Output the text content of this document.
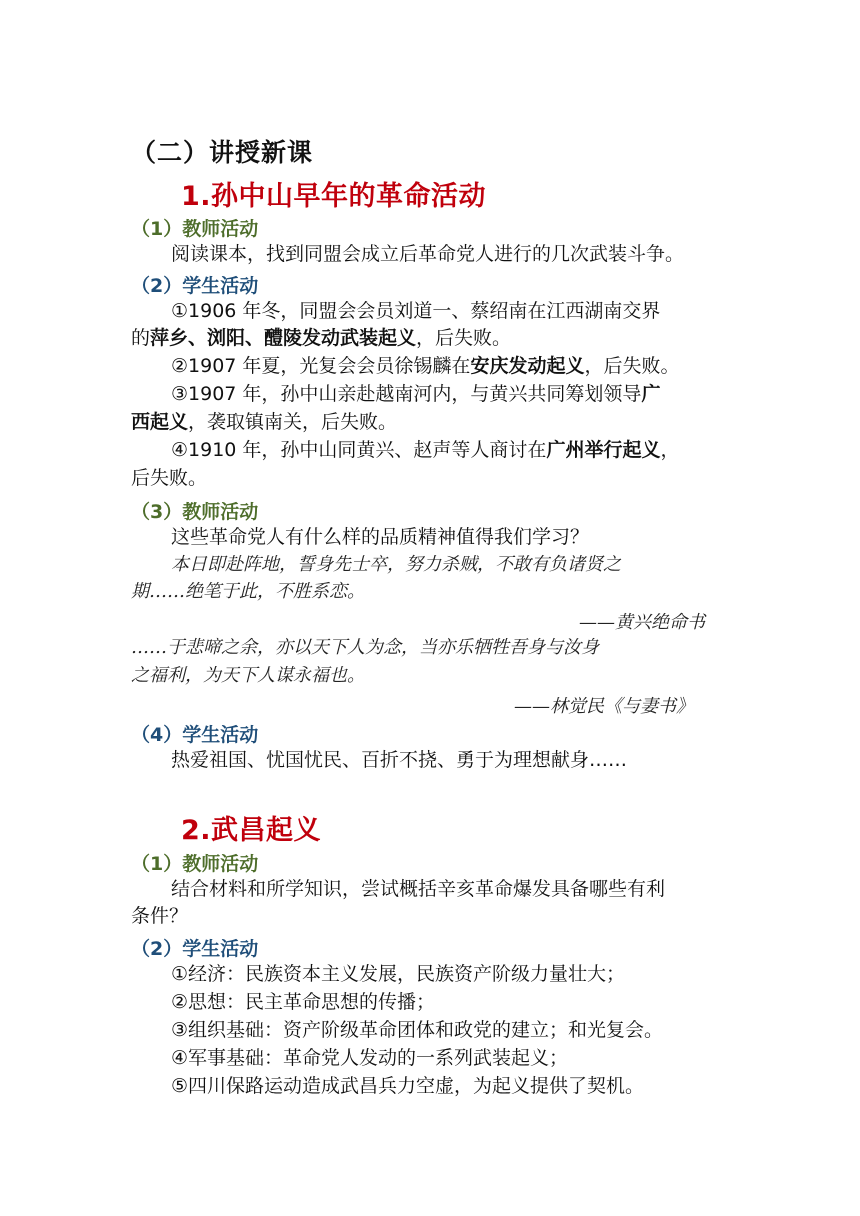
（二）讲授新课
1.孙中山早年的革命活动
（1）教师活动
阅读课本，找到同盟会成立后革命党人进行的几次武装斗争。
（2）学生活动
①1906 年冬，同盟会会员刘道一、蔡绍南在江西湖南交界
的萍乡、浏阳、醴陵发动武装起义，后失败。
②1907 年夏，光复会会员徐锡麟在安庆发动起义，后失败。
③1907 年，孙中山亲赴越南河内，与黄兴共同筹划领导广
西起义，袭取镇南关，后失败。
④1910 年，孙中山同黄兴、赵声等人商讨在广州举行起义，
后失败。
（3）教师活动
这些革命党人有什么样的品质精神值得我们学习？
本日即赴阵地，誓身先士卒，努力杀贼，不敢有负诸贤之
期……绝笔于此，不胜系恋。
——黄兴绝命书
……于悲啼之余，亦以天下人为念，当亦乐牺牲吾身与汝身
之福利，为天下人谋永福也。
——林觉民《与妻书》
（4）学生活动
热爱祖国、忧国忧民、百折不挠、勇于为理想献身……
2.武昌起义
（1）教师活动
结合材料和所学知识，尝试概括辛亥革命爆发具备哪些有利
条件？
（2）学生活动
①经济：民族资本主义发展，民族资产阶级力量壮大；
②思想：民主革命思想的传播；
③组织基础：资产阶级革命团体和政党的建立；和光复会。
④军事基础：革命党人发动的一系列武装起义；
⑤四川保路运动造成武昌兵力空虚，为起义提供了契机。
